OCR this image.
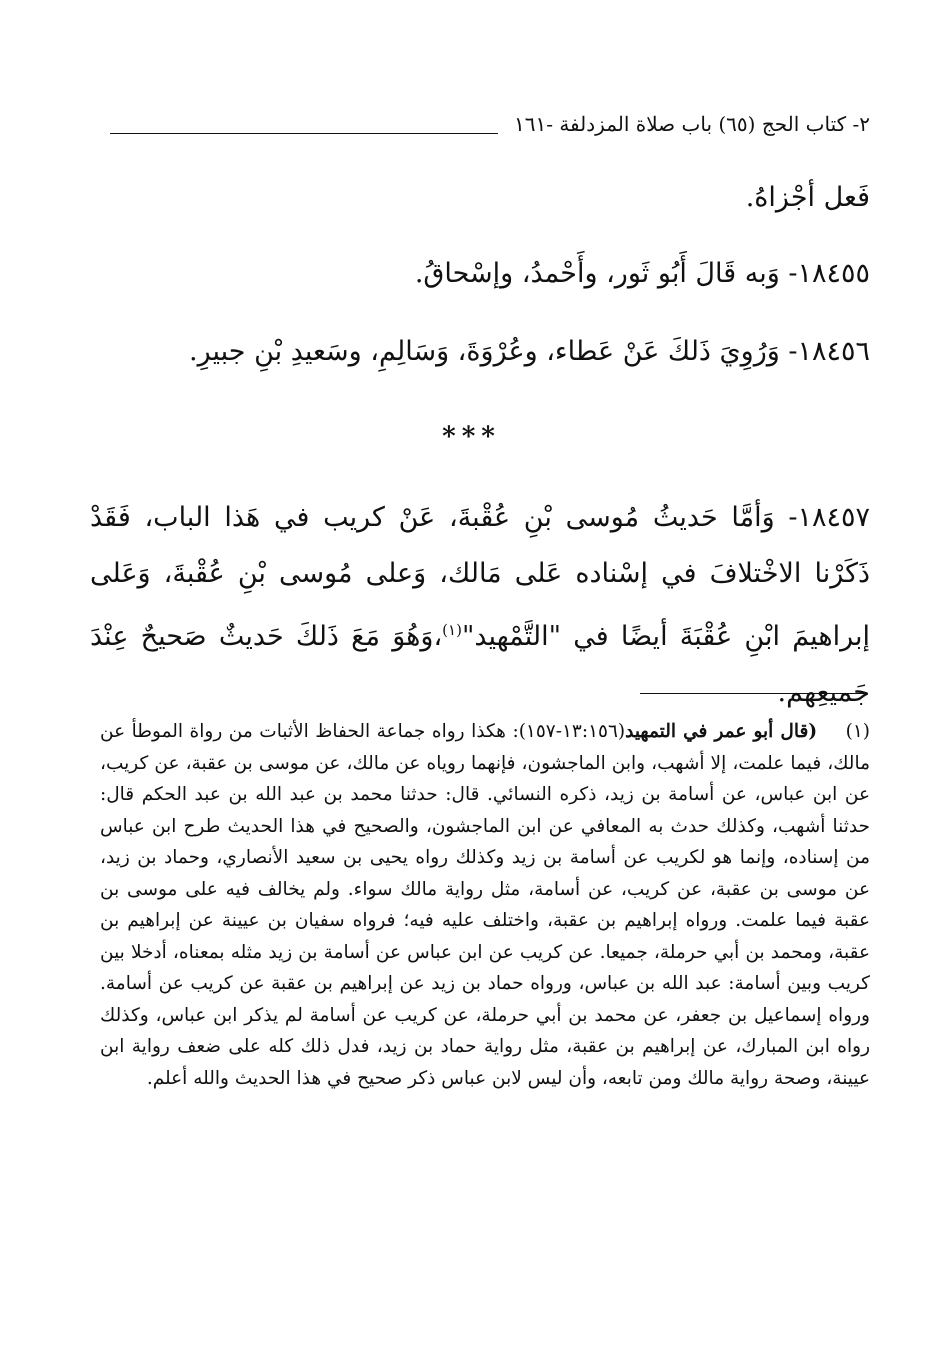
٢- كتاب الحج (٦٥) باب صلاة المزدلفة -١٦١
فَعل أجْزاهُ.
١٨٤٥٥- وَبه قَالَ أَبُو ثَور، وأَحْمدُ، وإسْحاقُ.
١٨٤٥٦- وَرُوِيَ ذَلكَ عَنْ عَطاء، وعُرْوَةَ، وَسَالِمِ، وسَعيدِ بْنِ جبيرِ.
***
١٨٤٥٧- وَأمَّا حَديثُ مُوسى بْنِ عُقْبةَ، عَنْ كريب في هَذا الباب، فَقَدْ ذَكَرْنا الاخْتلافَ في إسْناده عَلى مَالك، وَعلى مُوسى بْنِ عُقْبةَ، وَعَلى إبراهيمَ ابْنِ عُقْبَةَ أيضًا في "التَّمْهيد"$^{(١)}$،وَهُوَ مَعَ ذَلكَ حَديثٌ صَحيحٌ عِنْدَ جَميعِهم.
(١) (قال أبو عمر في التمهيد(١٣:١٥٦-١٥٧): هكذا رواه جماعة الحفاظ الأثبات من رواة الموطأ عن مالك، فيما علمت، إلا أشهب، وابن الماجشون، فإنهما روياه عن مالك، عن موسى بن عقبة، عن كريب، عن ابن عباس، عن أسامة بن زيد، ذكره النسائي. قال: حدثنا محمد بن عبد الله بن عبد الحكم قال: حدثنا أشهب، وكذلك حدث به المعافي عن ابن الماجشون، والصحيح في هذا الحديث طرح ابن عباس من إسناده، وإنما هو لكريب عن أسامة بن زيد وكذلك رواه يحيى بن سعيد الأنصاري، وحماد بن زيد، عن موسى بن عقبة، عن كريب، عن أسامة، مثل رواية مالك سواء. ولم يخالف فيه على موسى بن عقبة فيما علمت. ورواه إبراهيم بن عقبة، واختلف عليه فيه؛ فرواه سفيان بن عيينة عن إبراهيم بن عقبة، ومحمد بن أبي حرملة، جميعا. عن كريب عن ابن عباس عن أسامة بن زيد مثله بمعناه، أدخلا بين كريب وبين أسامة: عبد الله بن عباس، ورواه حماد بن زيد عن إبراهيم بن عقبة عن كريب عن أسامة. ورواه إسماعيل بن جعفر، عن محمد بن أبي حرملة، عن كريب عن أسامة لم يذكر ابن عباس، وكذلك رواه ابن المبارك، عن إبراهيم بن عقبة، مثل رواية حماد بن زيد، فدل ذلك كله على ضعف رواية ابن عيينة، وصحة رواية مالك ومن تابعه، وأن ليس لابن عباس ذكر صحيح في هذا الحديث والله أعلم.
